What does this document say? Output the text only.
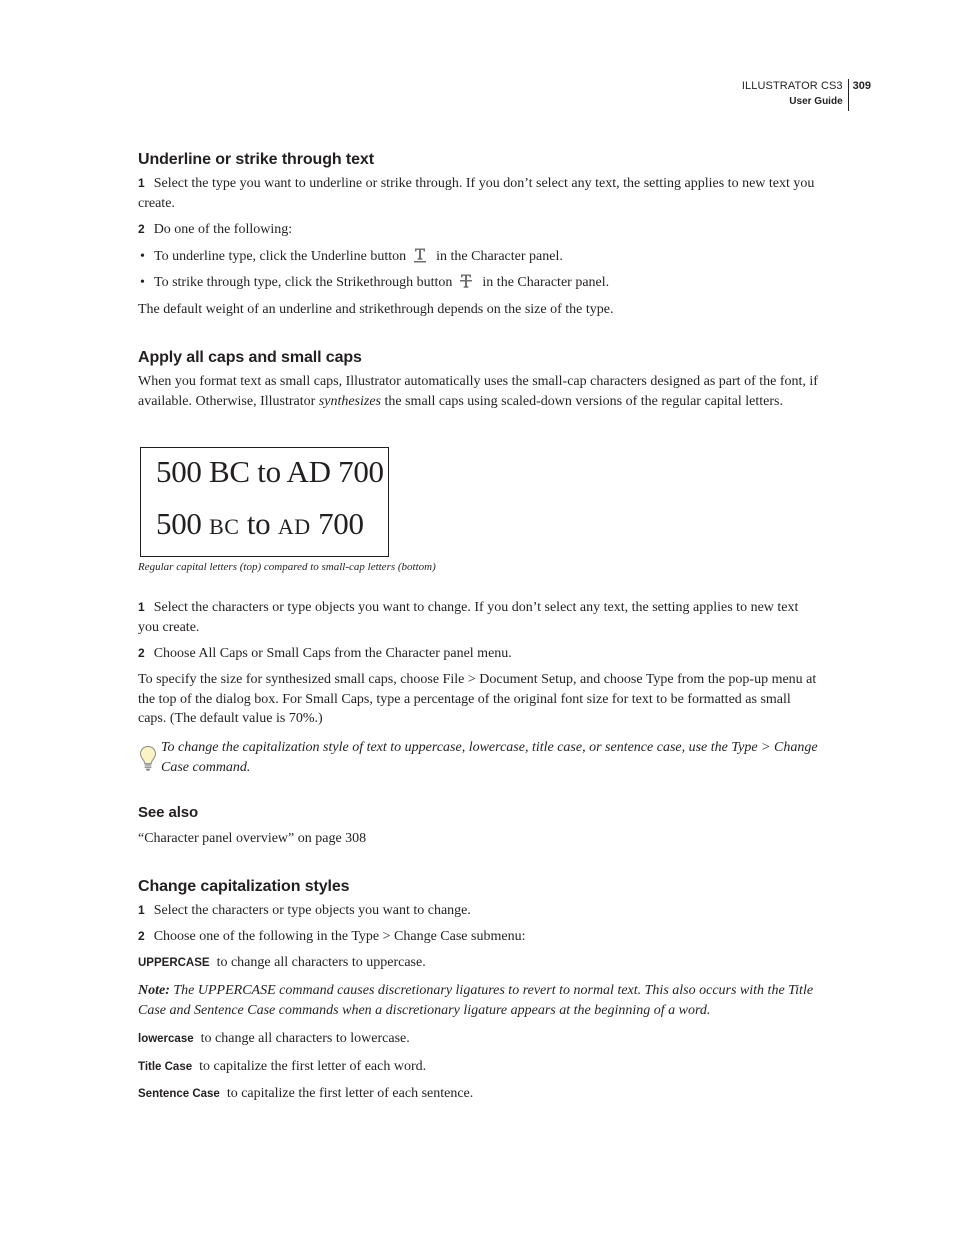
ILLUSTRATOR CS3
User Guide
309
Underline or strike through text
1 Select the type you want to underline or strike through. If you don’t select any text, the setting applies to new text you create.
2 Do one of the following:
• To underline type, click the Underline button in the Character panel.
• To strike through type, click the Strikethrough button in the Character panel.
The default weight of an underline and strikethrough depends on the size of the type.
Apply all caps and small caps
When you format text as small caps, Illustrator automatically uses the small-cap characters designed as part of the font, if available. Otherwise, Illustrator synthesizes the small caps using scaled-down versions of the regular capital letters.
500 BC to AD 700
500 BC to AD 700
Regular capital letters (top) compared to small-cap letters (bottom)
1 Select the characters or type objects you want to change. If you don’t select any text, the setting applies to new text you create.
2 Choose All Caps or Small Caps from the Character panel menu.
To specify the size for synthesized small caps, choose File > Document Setup, and choose Type from the pop-up menu at the top of the dialog box. For Small Caps, type a percentage of the original font size for text to be formatted as small caps. (The default value is 70%.)
To change the capitalization style of text to uppercase, lowercase, title case, or sentence case, use the Type > Change Case command.
See also
“Character panel overview” on page 308
Change capitalization styles
1 Select the characters or type objects you want to change.
2 Choose one of the following in the Type > Change Case submenu:
UPPERCASE to change all characters to uppercase.
Note: The UPPERCASE command causes discretionary ligatures to revert to normal text. This also occurs with the Title Case and Sentence Case commands when a discretionary ligature appears at the beginning of a word.
lowercase to change all characters to lowercase.
Title Case to capitalize the first letter of each word.
Sentence Case to capitalize the first letter of each sentence.
